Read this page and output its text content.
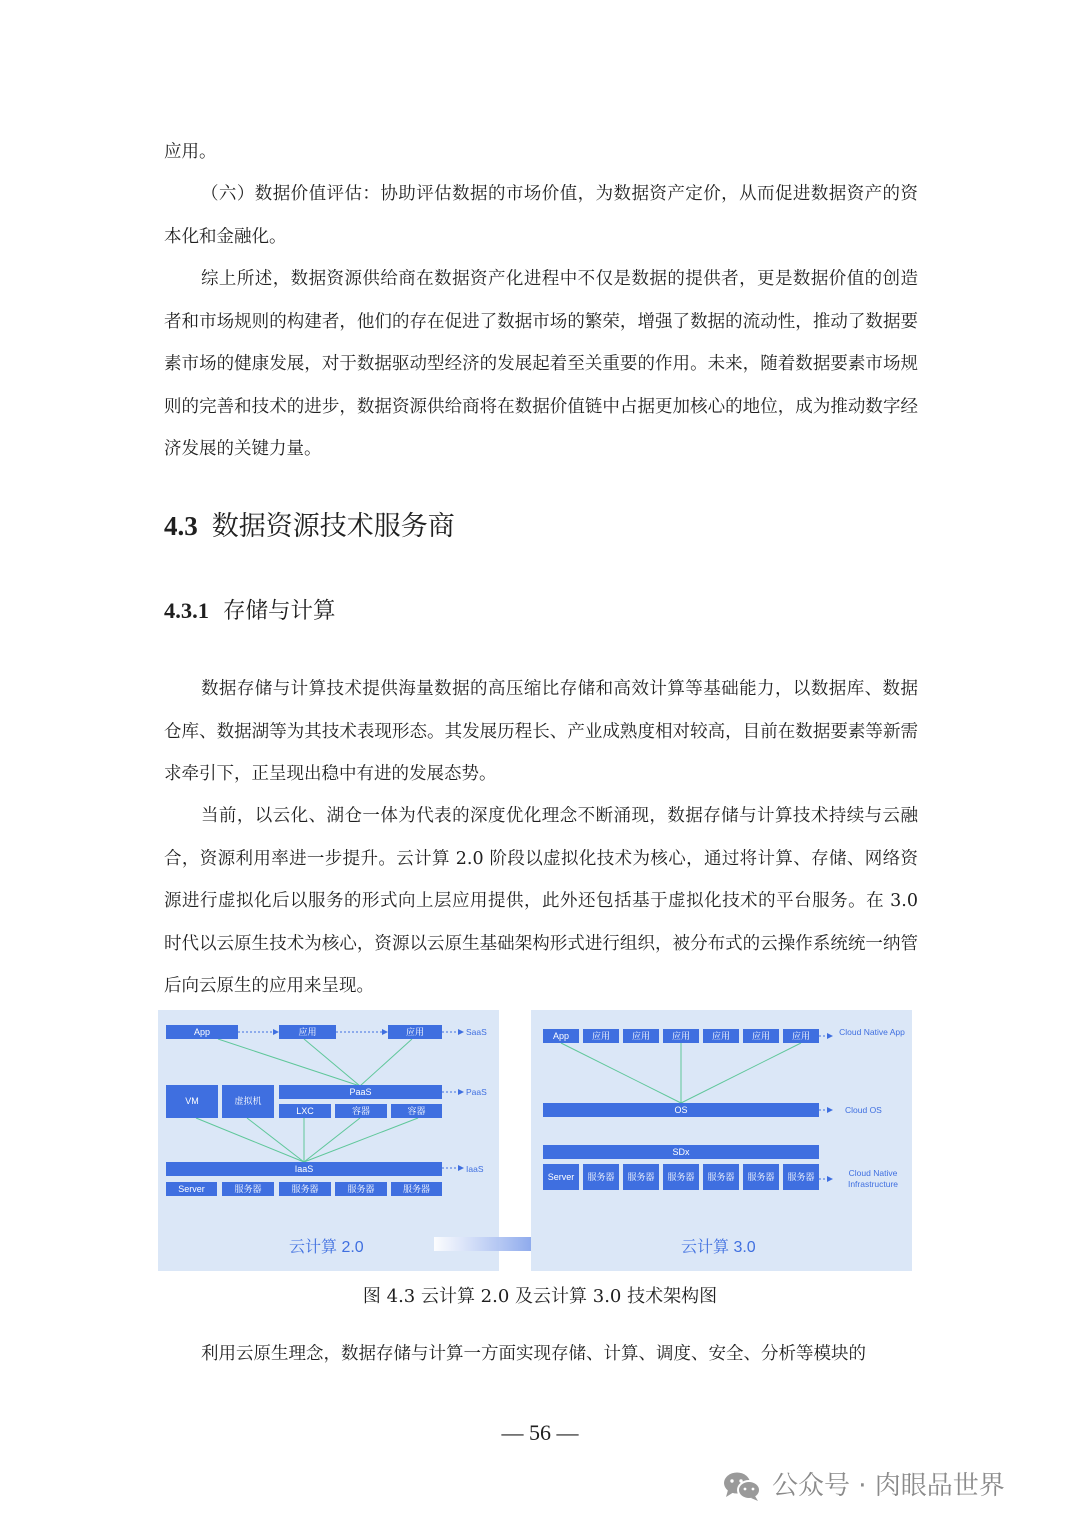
应用。

（六）数据价值评估：协助评估数据的市场价值，为数据资产定价，从而促进数据资产的资本化和金融化。

综上所述，数据资源供给商在数据资产化进程中不仅是数据的提供者，更是数据价值的创造者和市场规则的构建者，他们的存在促进了数据市场的繁荣，增强了数据的流动性，推动了数据要素市场的健康发展，对于数据驱动型经济的发展起着至关重要的作用。未来，随着数据要素市场规则的完善和技术的进步，数据资源供给商将在数据价值链中占据更加核心的地位，成为推动数字经济发展的关键力量。

4.3 数据资源技术服务商
4.3.1 存储与计算

数据存储与计算技术提供海量数据的高压缩比存储和高效计算等基础能力，以数据库、数据仓库、数据湖等为其技术表现形态。其发展历程长、产业成熟度相对较高，目前在数据要素等新需求牵引下，正呈现出稳中有进的发展态势。

当前，以云化、湖仓一体为代表的深度优化理念不断涌现，数据存储与计算技术持续与云融合，资源利用率进一步提升。云计算 2.0 阶段以虚拟化技术为核心，通过将计算、存储、网络资源进行虚拟化后以服务的形式向上层应用提供，此外还包括基于虚拟化技术的平台服务。在 3.0 时代以云原生技术为核心，资源以云原生基础架构形式进行组织，被分布式的云操作系统统一纳管后向云原生的应用来呈现。

App	应用	应用	SaaS
VM	虚拟机
PaaS	PaaS
LXC	容器	容器
IaaS	IaaS
Server	服务器	服务器	服务器	服务器
云计算 2.0
App	应用	应用	应用	应用	应用	应用	Cloud Native App
OS	Cloud OS
SDx
Server	服务器	服务器	服务器	服务器	服务器	服务器	Cloud Native Infrastructure
云计算 3.0
图 4.3 云计算 2.0 及云计算 3.0 技术架构图

利用云原生理念，数据存储与计算一方面实现存储、计算、调度、安全、分析等模块的

— 56 —
公众号 · 肉眼品世界
